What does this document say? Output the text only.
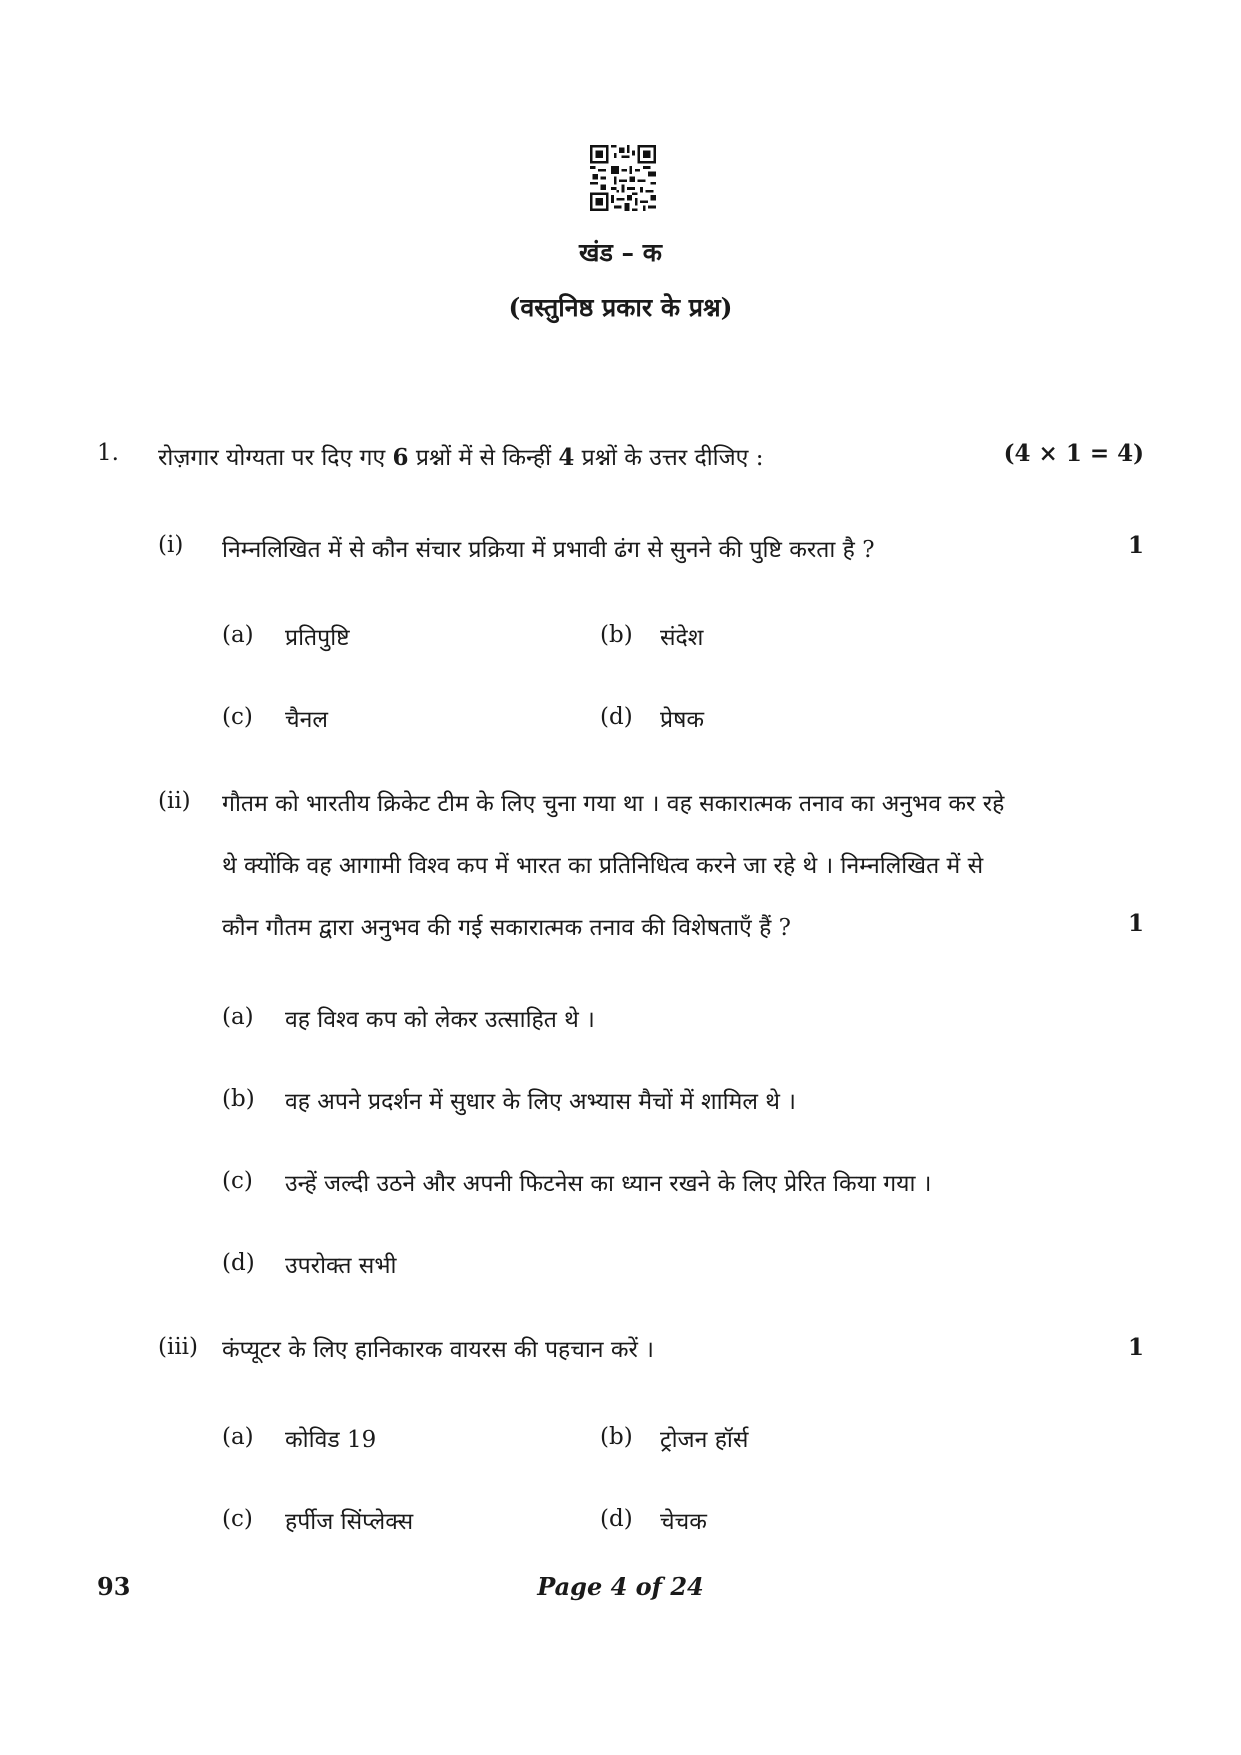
खंड – क
(वस्तुनिष्ठ प्रकार के प्रश्न)
1. रोज़गार योग्यता पर दिए गए 6 प्रश्नों में से किन्हीं 4 प्रश्नों के उत्तर दीजिए :	(4 × 1 = 4)
(i) निम्नलिखित में से कौन संचार प्रक्रिया में प्रभावी ढंग से सुनने की पुष्टि करता है ?	1
(a) प्रतिपुष्टि	(b) संदेश
(c) चैनल	(d) प्रेषक
(ii) गौतम को भारतीय क्रिकेट टीम के लिए चुना गया था । वह सकारात्मक तनाव का अनुभव कर रहे
थे क्योंकि वह आगामी विश्व कप में भारत का प्रतिनिधित्व करने जा रहे थे । निम्नलिखित में से
कौन गौतम द्वारा अनुभव की गई सकारात्मक तनाव की विशेषताएँ हैं ?	1
(a) वह विश्व कप को लेकर उत्साहित थे ।
(b) वह अपने प्रदर्शन में सुधार के लिए अभ्यास मैचों में शामिल थे ।
(c) उन्हें जल्दी उठने और अपनी फिटनेस का ध्यान रखने के लिए प्रेरित किया गया ।
(d) उपरोक्त सभी
(iii) कंप्यूटर के लिए हानिकारक वायरस की पहचान करें ।	1
(a) कोविड 19	(b) ट्रोजन हॉर्स
(c) हर्पीज सिंप्लेक्स	(d) चेचक
93	Page 4 of 24
